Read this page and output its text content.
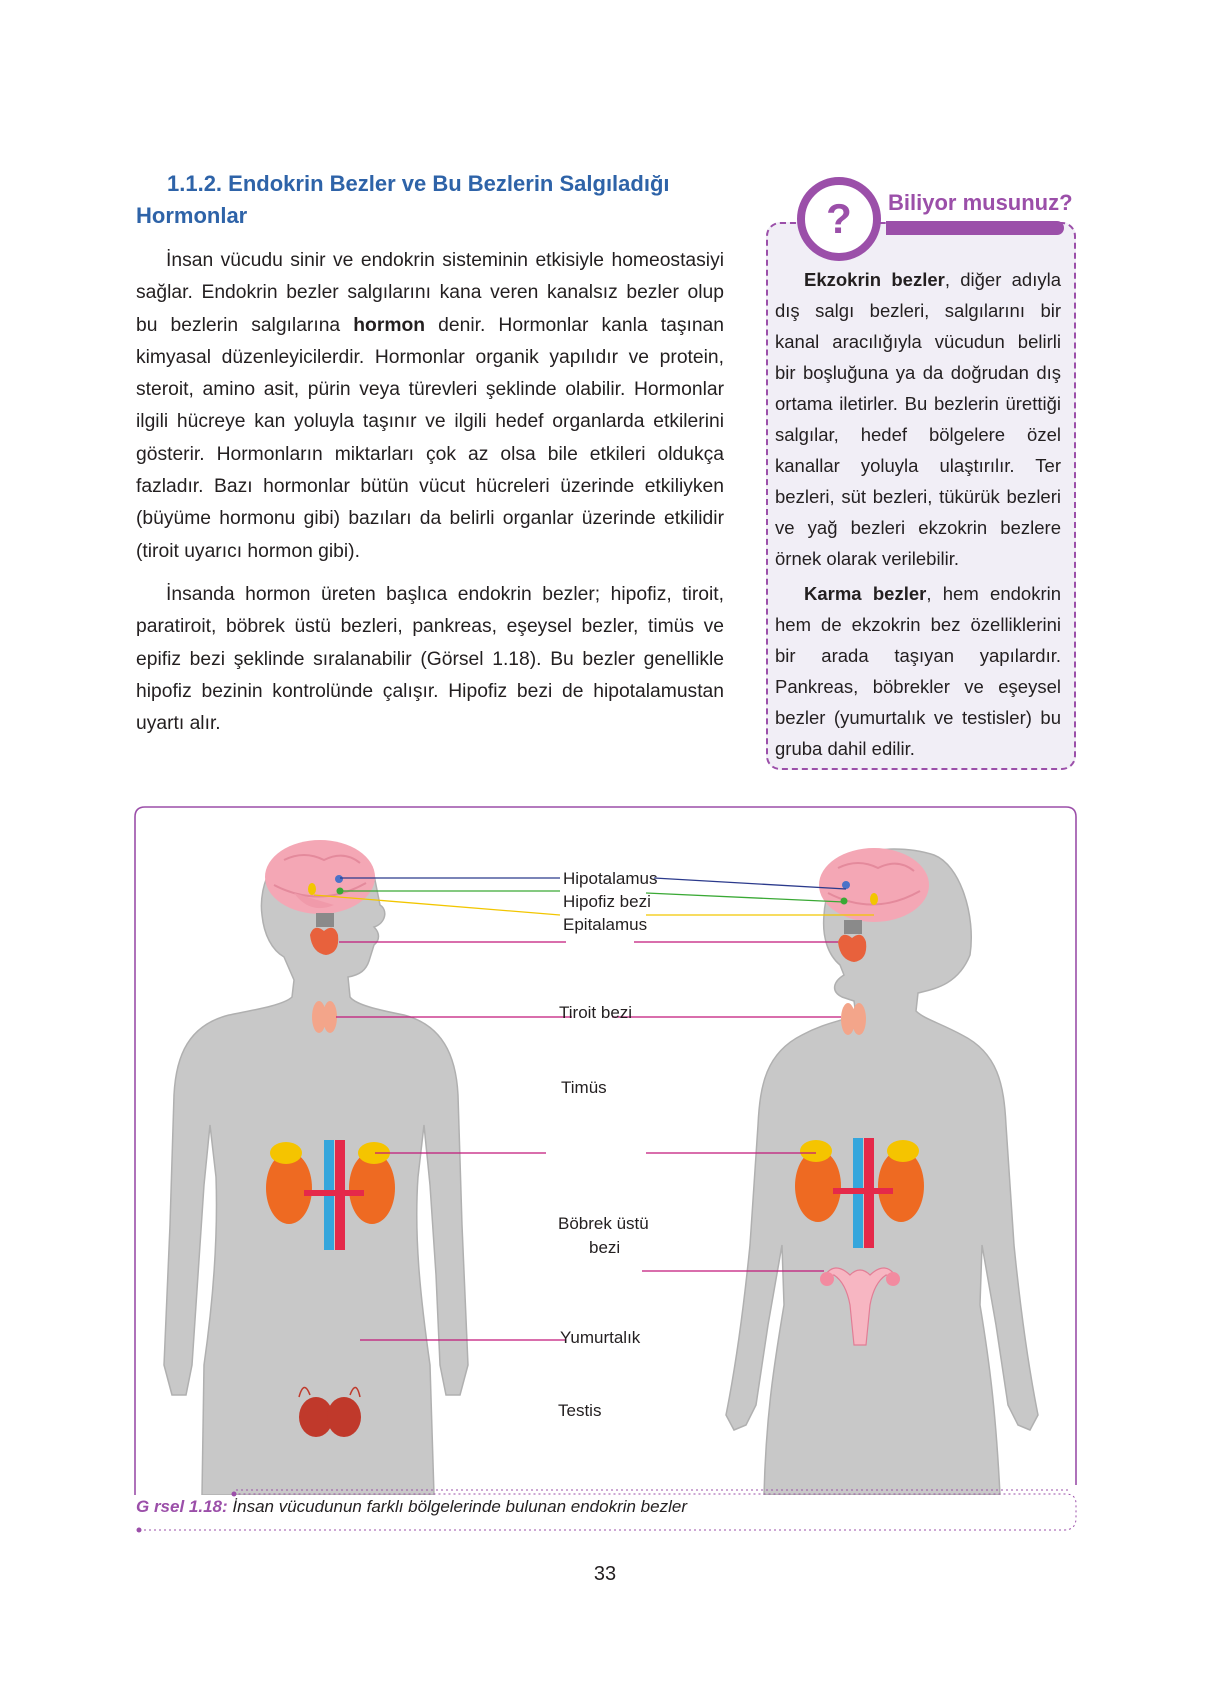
1.1.2. Endokrin Bezler ve Bu Bezlerin Salgıladığı
Hormonlar

İnsan vücudu sinir ve endokrin sisteminin etkisiyle homeostasiyi sağlar. Endokrin bezler salgılarını kana veren kanalsız bezler olup bu bezlerin salgılarına hormon denir. Hormonlar kanla taşınan kimyasal düzenleyicilerdir. Hormonlar organik yapılıdır ve protein, steroit, amino asit, pürin veya türevleri şeklinde olabilir. Hormonlar ilgili hücreye kan yoluyla taşınır ve ilgili hedef organlarda etkilerini gösterir. Hormonların miktarları çok az olsa bile etkileri oldukça fazladır. Bazı hormonlar bütün vücut hücreleri üzerinde etkiliyken (büyüme hormonu gibi) bazıları da belirli organlar üzerinde etkilidir (tiroit uyarıcı hormon gibi).

İnsanda hormon üreten başlıca endokrin bezler; hipofiz, tiroit, paratiroit, böbrek üstü bezleri, pankreas, eşeysel bezler, timüs ve epifiz bezi şeklinde sıralanabilir (Görsel 1.18). Bu bezler genellikle hipofiz bezinin kontrolünde çalışır. Hipofiz bezi de hipotalamustan uyartı alır.

?	Biliyor musunuz?

Ekzokrin bezler, diğer adıyla dış salgı bezleri, salgılarını bir kanal aracılığıyla vücudun belirli bir boşluğuna ya da doğrudan dış ortama iletirler. Bu bezlerin ürettiği salgılar, hedef bölgelere özel kanallar yoluyla ulaştırılır. Ter bezleri, süt bezleri, tükürük bezleri ve yağ bezleri ekzokrin bezlere örnek olarak verilebilir.

Karma bezler, hem endokrin hem de ekzokrin bez özelliklerini bir arada taşıyan yapılardır. Pankreas, böbrekler ve eşeysel bezler (yumurtalık ve testisler) bu gruba dahil edilir.

Hipotalamus
Hipofiz bezi
Epitalamus
Tiroit bezi
Timüs
Böbrek üstü
bezi
Yumurtalık
Testis
G rsel 1.18: İnsan vücudunun farklı bölgelerinde bulunan endokrin bezler
33
